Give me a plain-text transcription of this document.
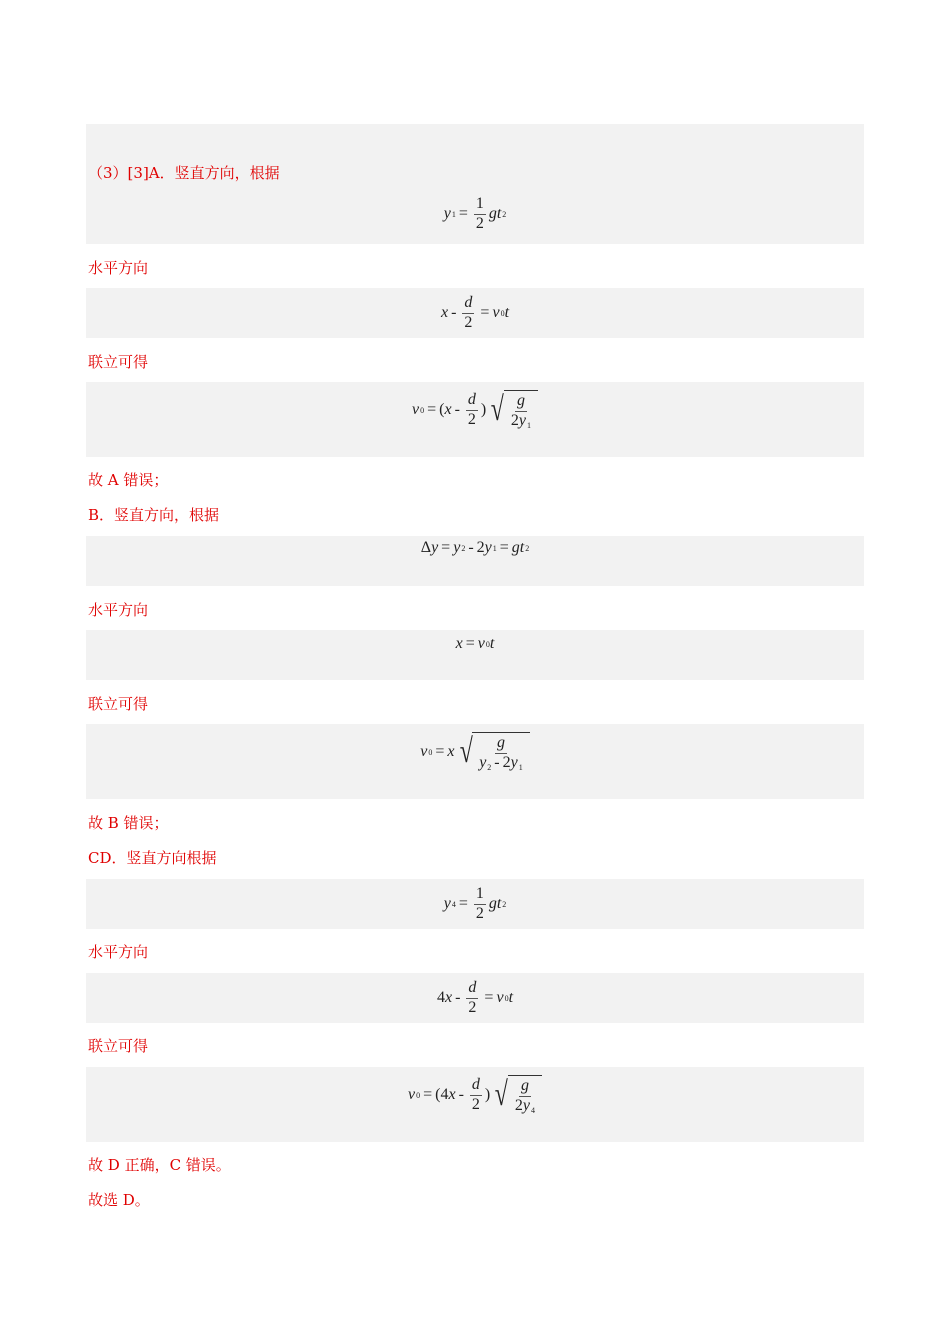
y $1 = \frac{1}{2}$ gt 2
（3）[3]A．竖直方向，根据
水平方向
$x - \frac{d}{2} = v$ 0 t
联立可得
v 0 = ( x - $\frac{d}{2}$ ) √ $\frac{g}{2y_1}$
故 A 错误；
B．竖直方向，根据
Δ y = y 2 - 2 y 1 = gt 2
水平方向
x = v 0 t
联立可得
v 0 = x √ $\frac{g}{y_2 - 2y_1}$
故 B 错误；
CD．竖直方向根据
y $4 = \frac{1}{2}$ gt 2
水平方向
4 $x - \frac{d}{2} = v$ 0 t
联立可得
v 0 = ( 4 x - $\frac{d}{2}$ ) √ $\frac{g}{2y_4}$
故 D 正确，C 错误。
故选 D。
